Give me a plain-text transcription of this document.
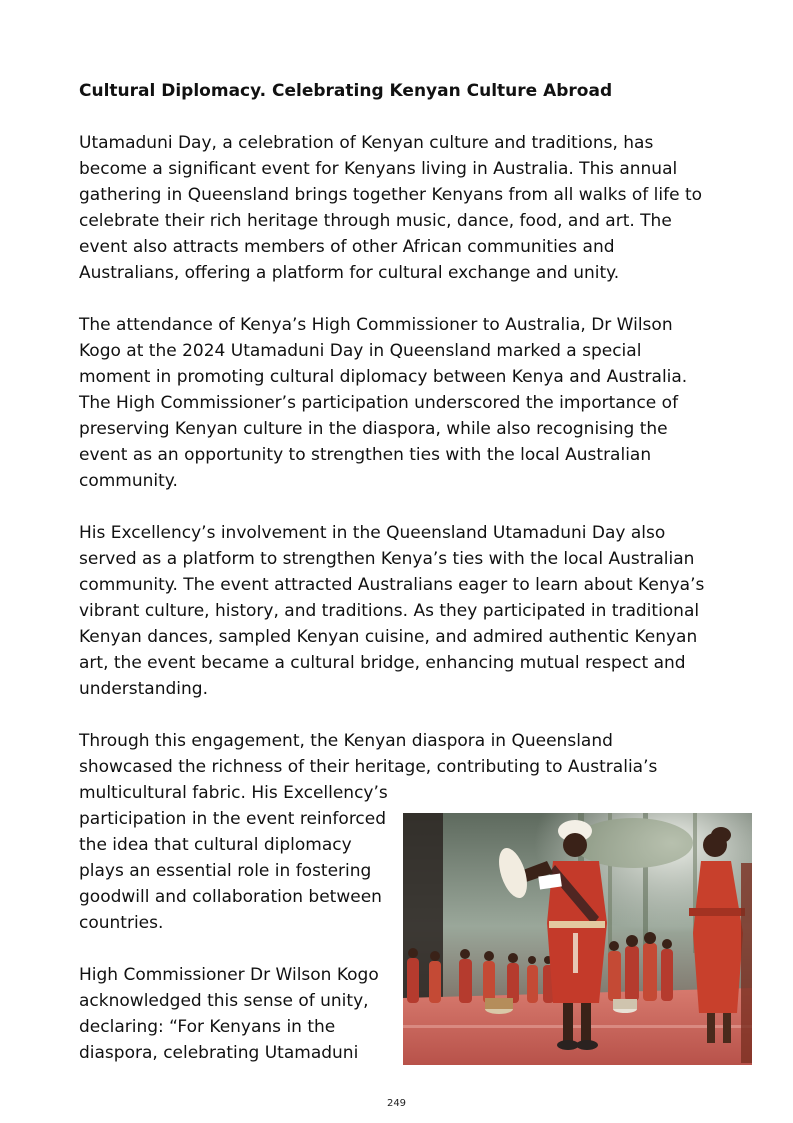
Cultural Diplomacy. Celebrating Kenyan Culture Abroad
Utamaduni Day, a celebration of Kenyan culture and traditions, has
become a significant event for Kenyans living in Australia. This annual
gathering in Queensland brings together Kenyans from all walks of life to
celebrate their rich heritage through music, dance, food, and art. The
event also attracts members of other African communities and
Australians, offering a platform for cultural exchange and unity.
The attendance of Kenya’s High Commissioner to Australia, Dr Wilson
Kogo at the 2024 Utamaduni Day in Queensland marked a special
moment in promoting cultural diplomacy between Kenya and Australia.
The High Commissioner’s participation underscored the importance of
preserving Kenyan culture in the diaspora, while also recognising the
event as an opportunity to strengthen ties with the local Australian
community.
His Excellency’s involvement in the Queensland Utamaduni Day also
served as a platform to strengthen Kenya’s ties with the local Australian
community. The event attracted Australians eager to learn about Kenya’s
vibrant culture, history, and traditions. As they participated in traditional
Kenyan dances, sampled Kenyan cuisine, and admired authentic Kenyan
art, the event became a cultural bridge, enhancing mutual respect and
understanding.
Through this engagement, the Kenyan diaspora in Queensland
showcased the richness of their heritage, contributing to Australia’s
multicultural fabric. His Excellency’s
participation in the event reinforced
the idea that cultural diplomacy
plays an essential role in fostering
goodwill and collaboration between
countries.
High Commissioner Dr Wilson Kogo
acknowledged this sense of unity,
declaring: “For Kenyans in the
diaspora, celebrating Utamaduni
249
